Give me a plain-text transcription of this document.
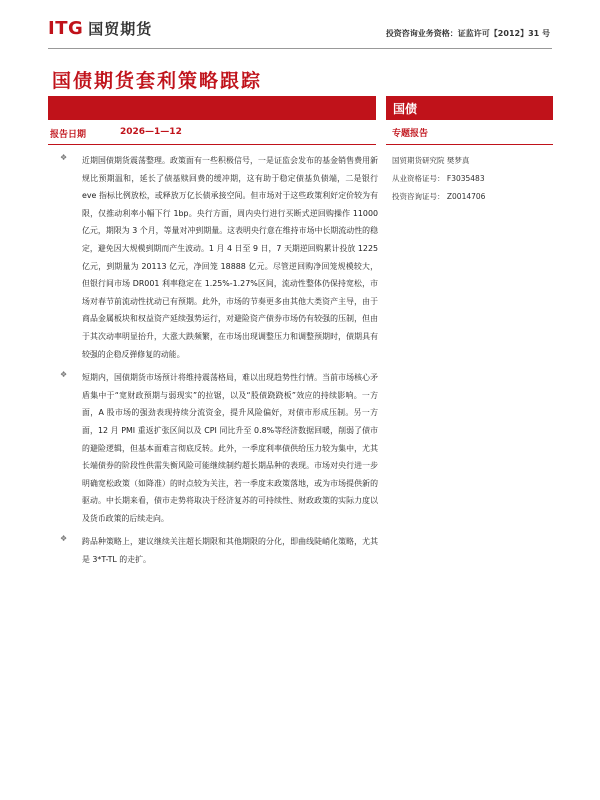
ITG 国贸期货	投资咨询业务资格：证监许可【2012】31 号
国债期货套利策略跟踪
国债
报告日期	2026—1—12	专题报告
国贸期货研究院 樊梦真
从业资格证号： F3035483
投资咨询证号： Z0014706
❖ 近期国债期货震荡整理。政策面有一些积极信号，一是证监会发布的基金销售费用新规比预期温和，延长了债基赎回费的缓冲期，这有助于稳定债基负债端，二是银行 eve 指标比例放松，或释放万亿长债承接空间。但市场对于这些政策利好定价较为有限，仅推动利率小幅下行 1bp。央行方面，周内央行进行买断式逆回购操作 11000 亿元，期限为 3 个月，等量对冲到期量。这表明央行意在维持市场中长期流动性的稳定，避免因大规模到期而产生波动。1 月 4 日至 9 日，7 天期逆回购累计投放 1225 亿元，到期量为 20113 亿元，净回笼 18888 亿元。尽管逆回购净回笼规模较大，但银行间市场 DR001 利率稳定在 1.25%-1.27%区间，流动性整体仍保持宽松，市场对春节前流动性扰动已有预期。此外，市场的节奏更多由其他大类资产主导，由于商品金属板块和权益资产延续强势运行，对避险资产债券市场仍有较强的压制，但由于其次动率明显抬升，大涨大跌频繁，在市场出现调整压力和调整预期时，债期具有较强的企稳反弹修复的动能。
❖ 短期内，国债期货市场预计将维持震荡格局，难以出现趋势性行情。当前市场核心矛盾集中于“宽财政预期与弱现实”的拉锯，以及“股债跷跷板”效应的持续影响。一方面，A 股市场的强劲表现持续分流资金，提升风险偏好，对债市形成压制。另一方面，12 月 PMI 重返扩张区间以及 CPI 同比升至 0.8%等经济数据回暖，削弱了债市的避险逻辑，但基本面难言彻底反转。此外，一季度利率债供给压力较为集中，尤其长端债券的阶段性供需失衡风险可能继续制约超长期品种的表现。市场对央行进一步明确宽松政策（如降准）的时点较为关注，若一季度末政策落地，或为市场提供新的驱动。中长期来看，债市走势将取决于经济复苏的可持续性、财政政策的实际力度以及货币政策的后续走向。
❖ 跨品种策略上，建议继续关注超长期限和其他期限的分化，即曲线陡峭化策略，尤其是 3*T-TL 的走扩。
